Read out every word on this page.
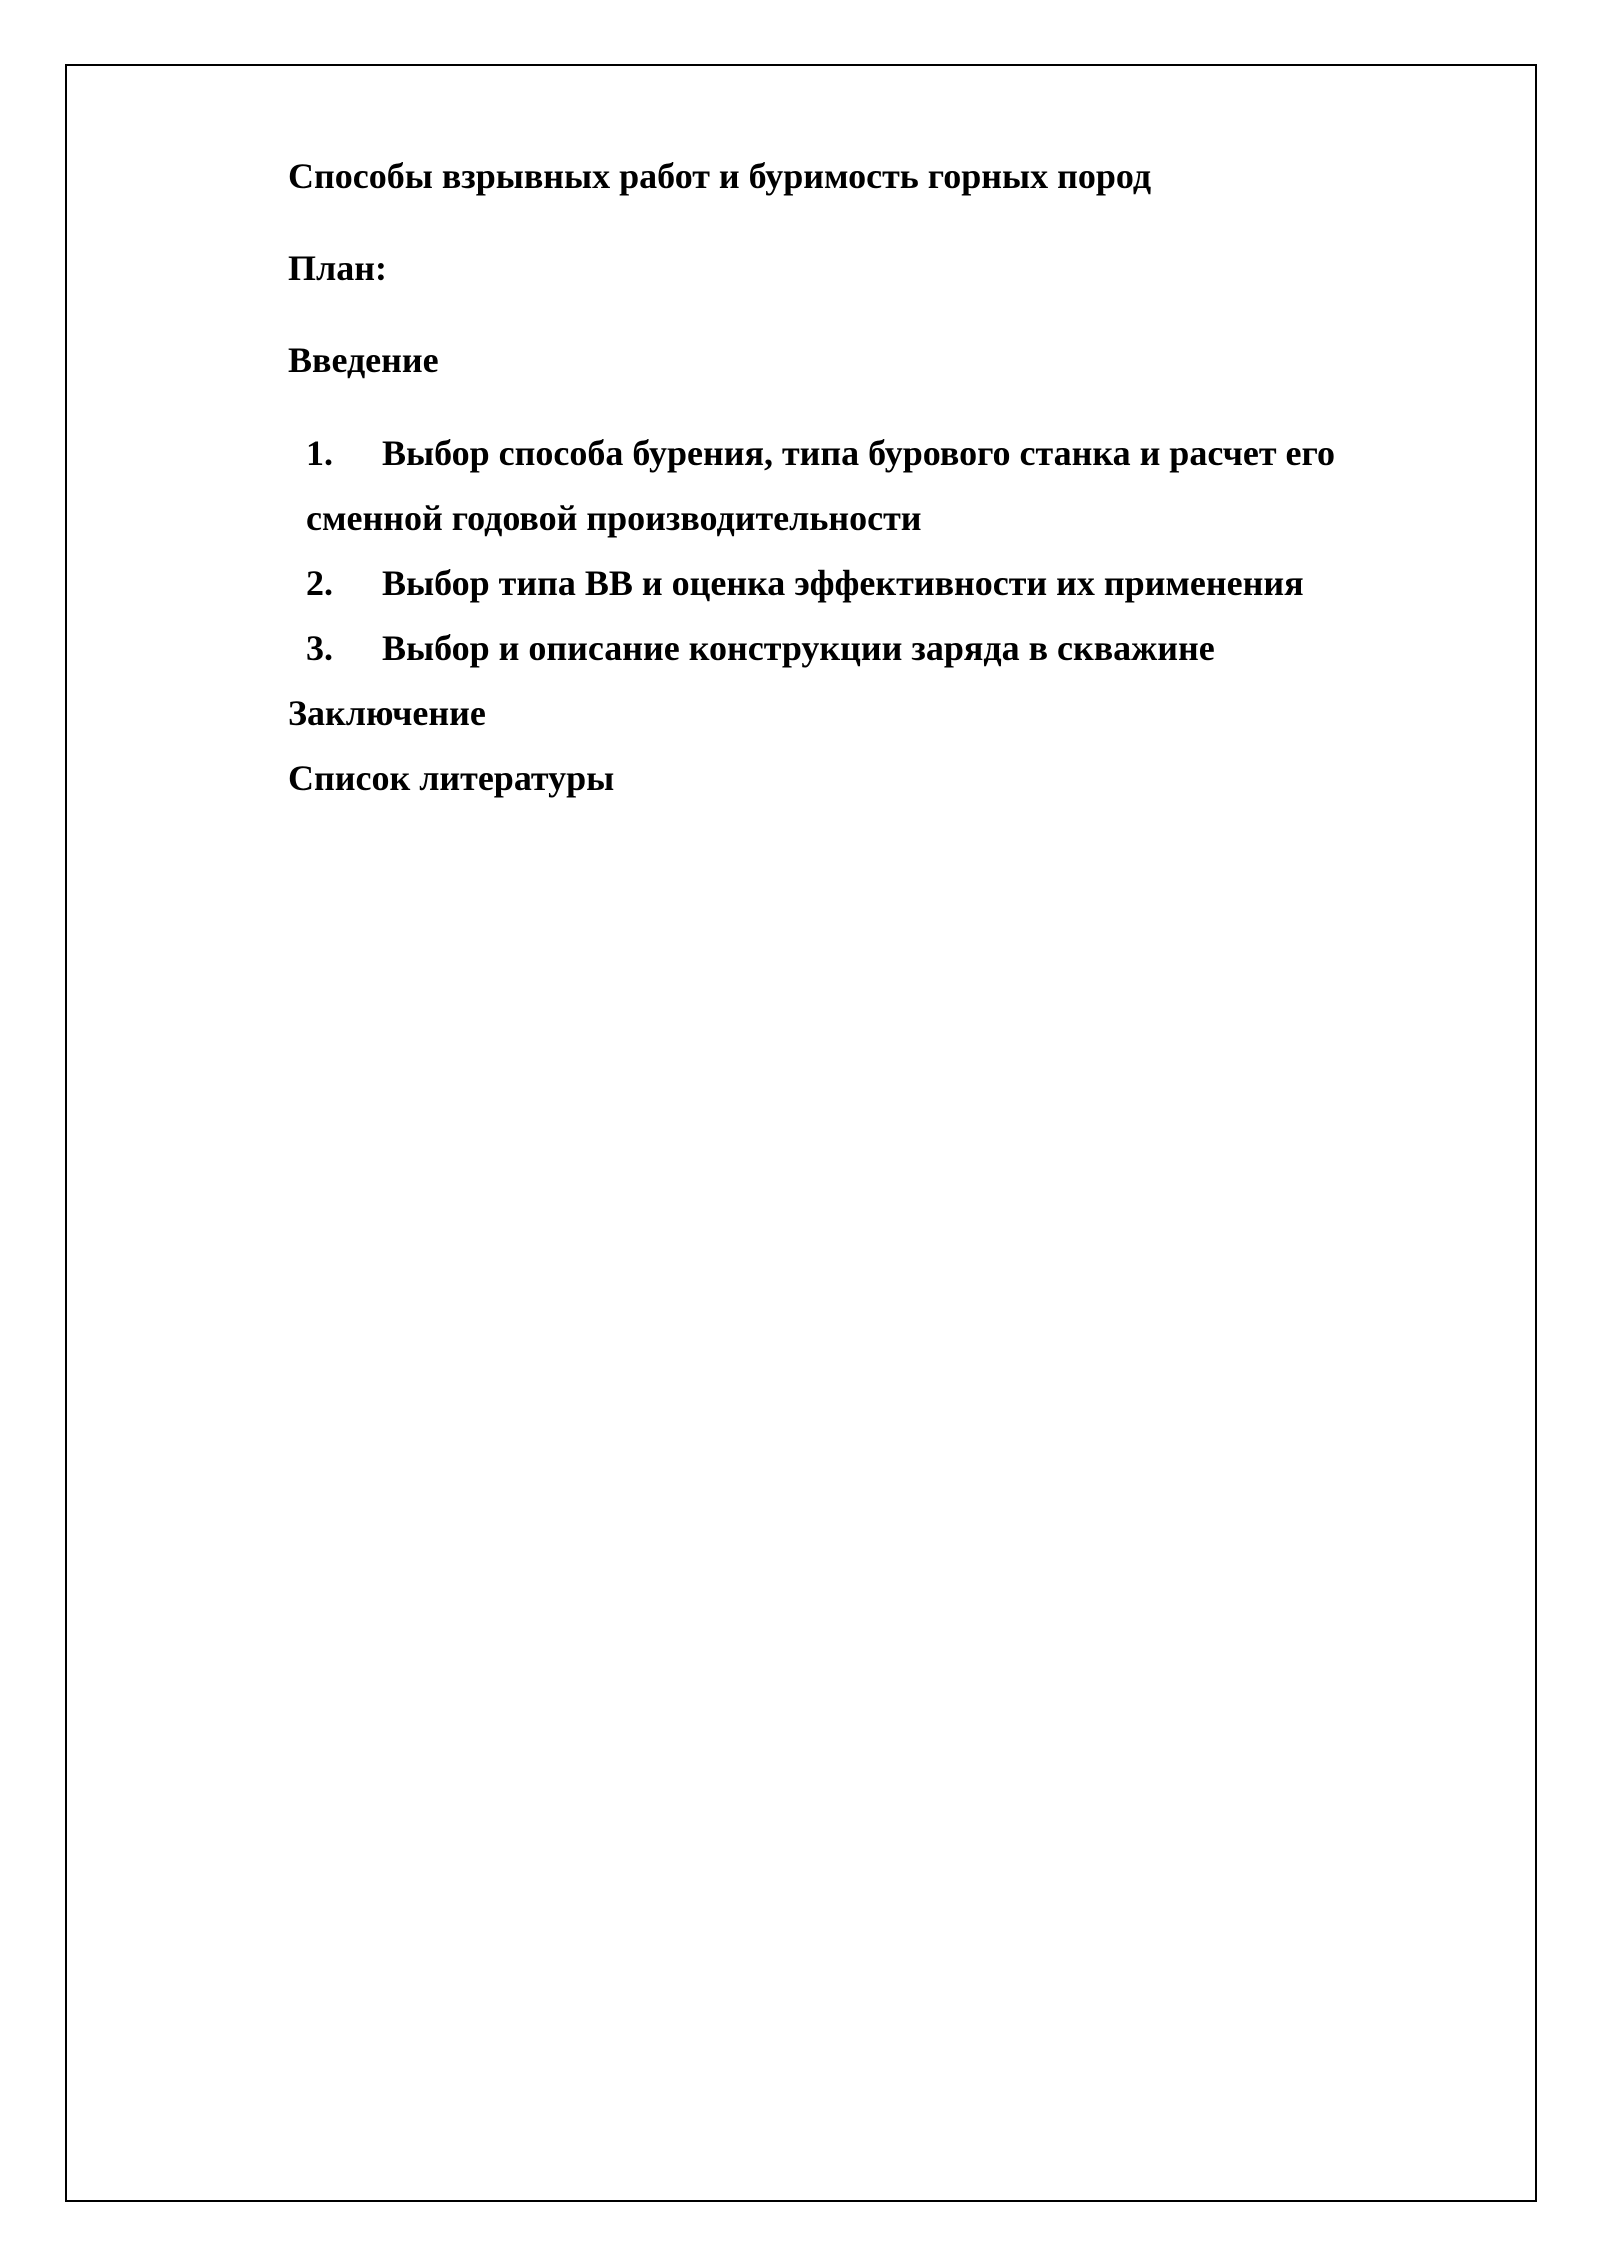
Способы взрывных работ и буримость горных пород
План:
Введение
1. Выбор способа бурения, типа бурового станка и расчет его
сменной годовой производительности
2. Выбор типа ВВ и оценка эффективности их применения
3. Выбор и описание конструкции заряда в скважине
Заключение
Список литературы
